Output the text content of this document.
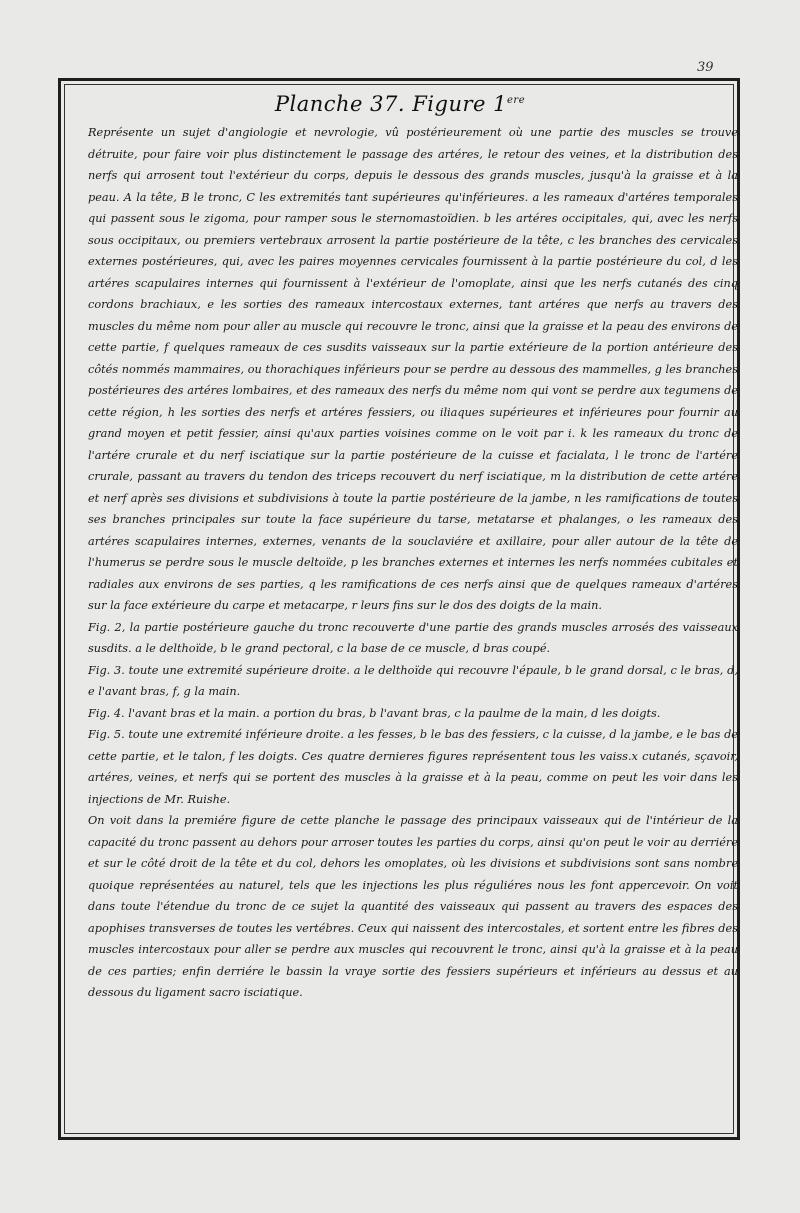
39
Planche 37. Figure 1ere

Représente un sujet d'angiologie et nevrologie, vû postérieurement où une partie des muscles se trouve détruite, pour faire voir plus distinctement le passage des artéres, le retour des veines, et la distribution des nerfs qui arrosent tout l'extérieur du corps, depuis le dessous des grands muscles, jusqu'à la graisse et à la peau. A la tête, B le tronc, C les extremités tant supérieures qu'inférieures. a les rameaux d'artéres temporales qui passent sous le zigoma, pour ramper sous le sternomastoïdien. b les artéres occipitales, qui, avec les nerfs sous occipitaux, ou premiers vertebraux arrosent la partie postérieure de la tête, c les branches des cervicales externes postérieures, qui, avec les paires moyennes cervicales fournissent à la partie postérieure du col, d les artéres scapulaires internes qui fournissent à l'extérieur de l'omoplate, ainsi que les nerfs cutanés des cinq cordons brachiaux, e les sorties des rameaux intercostaux externes, tant artéres que nerfs au travers des muscles du même nom pour aller au muscle qui recouvre le tronc, ainsi que la graisse et la peau des environs de cette partie, f quelques rameaux de ces susdits vaisseaux sur la partie extérieure de la portion antérieure des côtés nommés mammaires, ou thorachiques inférieurs pour se perdre au dessous des mammelles, g les branches postérieures des artéres lombaires, et des rameaux des nerfs du même nom qui vont se perdre aux tegumens de cette région, h les sorties des nerfs et artéres fessiers, ou iliaques supérieures et inférieures pour fournir au grand moyen et petit fessier, ainsi qu'aux parties voisines comme on le voit par i. k les rameaux du tronc de l'artére crurale et du nerf isciatique sur la partie postérieure de la cuisse et facialata, l le tronc de l'artére crurale, passant au travers du tendon des triceps recouvert du nerf isciatique, m la distribution de cette artére et nerf après ses divisions et subdivisions à toute la partie postérieure de la jambe, n les ramifications de toutes ses branches principales sur toute la face supérieure du tarse, metatarse et phalanges, o les rameaux des artéres scapulaires internes, externes, venants de la souclaviére et axillaire, pour aller autour de la tête de l'humerus se perdre sous le muscle deltoïde, p les branches externes et internes les nerfs nommées cubitales et radiales aux environs de ses parties, q les ramifications de ces nerfs ainsi que de quelques rameaux d'artéres sur la face extérieure du carpe et metacarpe, r leurs fins sur le dos des doigts de la main.

Fig. 2, la partie postérieure gauche du tronc recouverte d'une partie des grands muscles arrosés des vaisseaux susdits. a le delthoïde, b le grand pectoral, c la base de ce muscle, d bras coupé.

Fig. 3. toute une extremité supérieure droite. a le delthoïde qui recouvre l'épaule, b le grand dorsal, c le bras, d, e l'avant bras, f, g la main.

Fig. 4. l'avant bras et la main. a portion du bras, b l'avant bras, c la paulme de la main, d les doigts.

Fig. 5. toute une extremité inférieure droite. a les fesses, b le bas des fessiers, c la cuisse, d la jambe, e le bas de cette partie, et le talon, f les doigts. Ces quatre dernieres figures représentent tous les vaiss.x cutanés, sçavoir, artéres, veines, et nerfs qui se portent des muscles à la graisse et à la peau, comme on peut les voir dans les injections de Mr. Ruishe.

On voit dans la premiére figure de cette planche le passage des principaux vaisseaux qui de l'intérieur de la capacité du tronc passent au dehors pour arroser toutes les parties du corps, ainsi qu'on peut le voir au derriére et sur le côté droit de la tête et du col, dehors les omoplates, où les divisions et subdivisions sont sans nombre quoique représentées au naturel, tels que les injections les plus réguliéres nous les font appercevoir. On voit dans toute l'étendue du tronc de ce sujet la quantité des vaisseaux qui passent au travers des espaces des apophises transverses de toutes les vertébres. Ceux qui naissent des intercostales, et sortent entre les fibres des muscles intercostaux pour aller se perdre aux muscles qui recouvrent le tronc, ainsi qu'à la graisse et à la peau de ces parties; enfin derriére le bassin la vraye sortie des fessiers supérieurs et inférieurs au dessus et au dessous du ligament sacro isciatique.
